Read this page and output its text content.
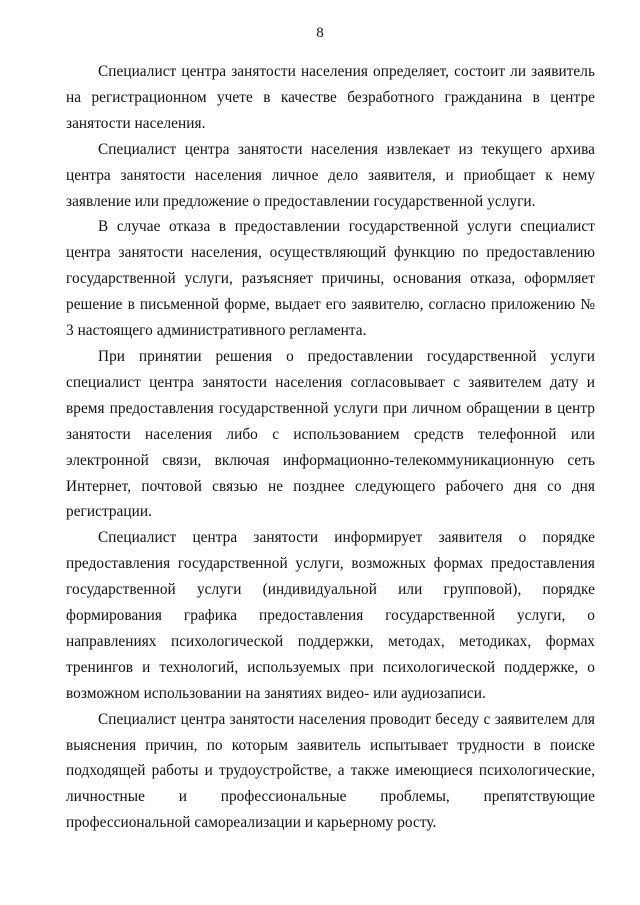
8

Специалист центра занятости населения определяет, состоит ли заявитель на регистрационном учете в качестве безработного гражданина в центре занятости населения.

Специалист центра занятости населения извлекает из текущего архива центра занятости населения личное дело заявителя, и приобщает к нему заявление или предложение о предоставлении государственной услуги.

В случае отказа в предоставлении государственной услуги специалист центра занятости населения, осуществляющий функцию по предоставлению государственной услуги, разъясняет причины, основания отказа, оформляет решение в письменной форме, выдает его заявителю, согласно приложению № 3 настоящего административного регламента.

При принятии решения о предоставлении государственной услуги специалист центра занятости населения согласовывает с заявителем дату и время предоставления государственной услуги при личном обращении в центр занятости населения либо с использованием средств телефонной или электронной связи, включая информационно-телекоммуникационную сеть Интернет, почтовой связью не позднее следующего рабочего дня со дня регистрации.

Специалист центра занятости информирует заявителя о порядке предоставления государственной услуги, возможных формах предоставления государственной услуги (индивидуальной или групповой), порядке формирования графика предоставления государственной услуги, о направлениях психологической поддержки, методах, методиках, формах тренингов и технологий, используемых при психологической поддержке, о возможном использовании на занятиях видео- или аудиозаписи.

Специалист центра занятости населения проводит беседу с заявителем для выяснения причин, по которым заявитель испытывает трудности в поиске подходящей работы и трудоустройстве, а также имеющиеся психологические, личностные и профессиональные проблемы, препятствующие профессиональной самореализации и карьерному росту.
